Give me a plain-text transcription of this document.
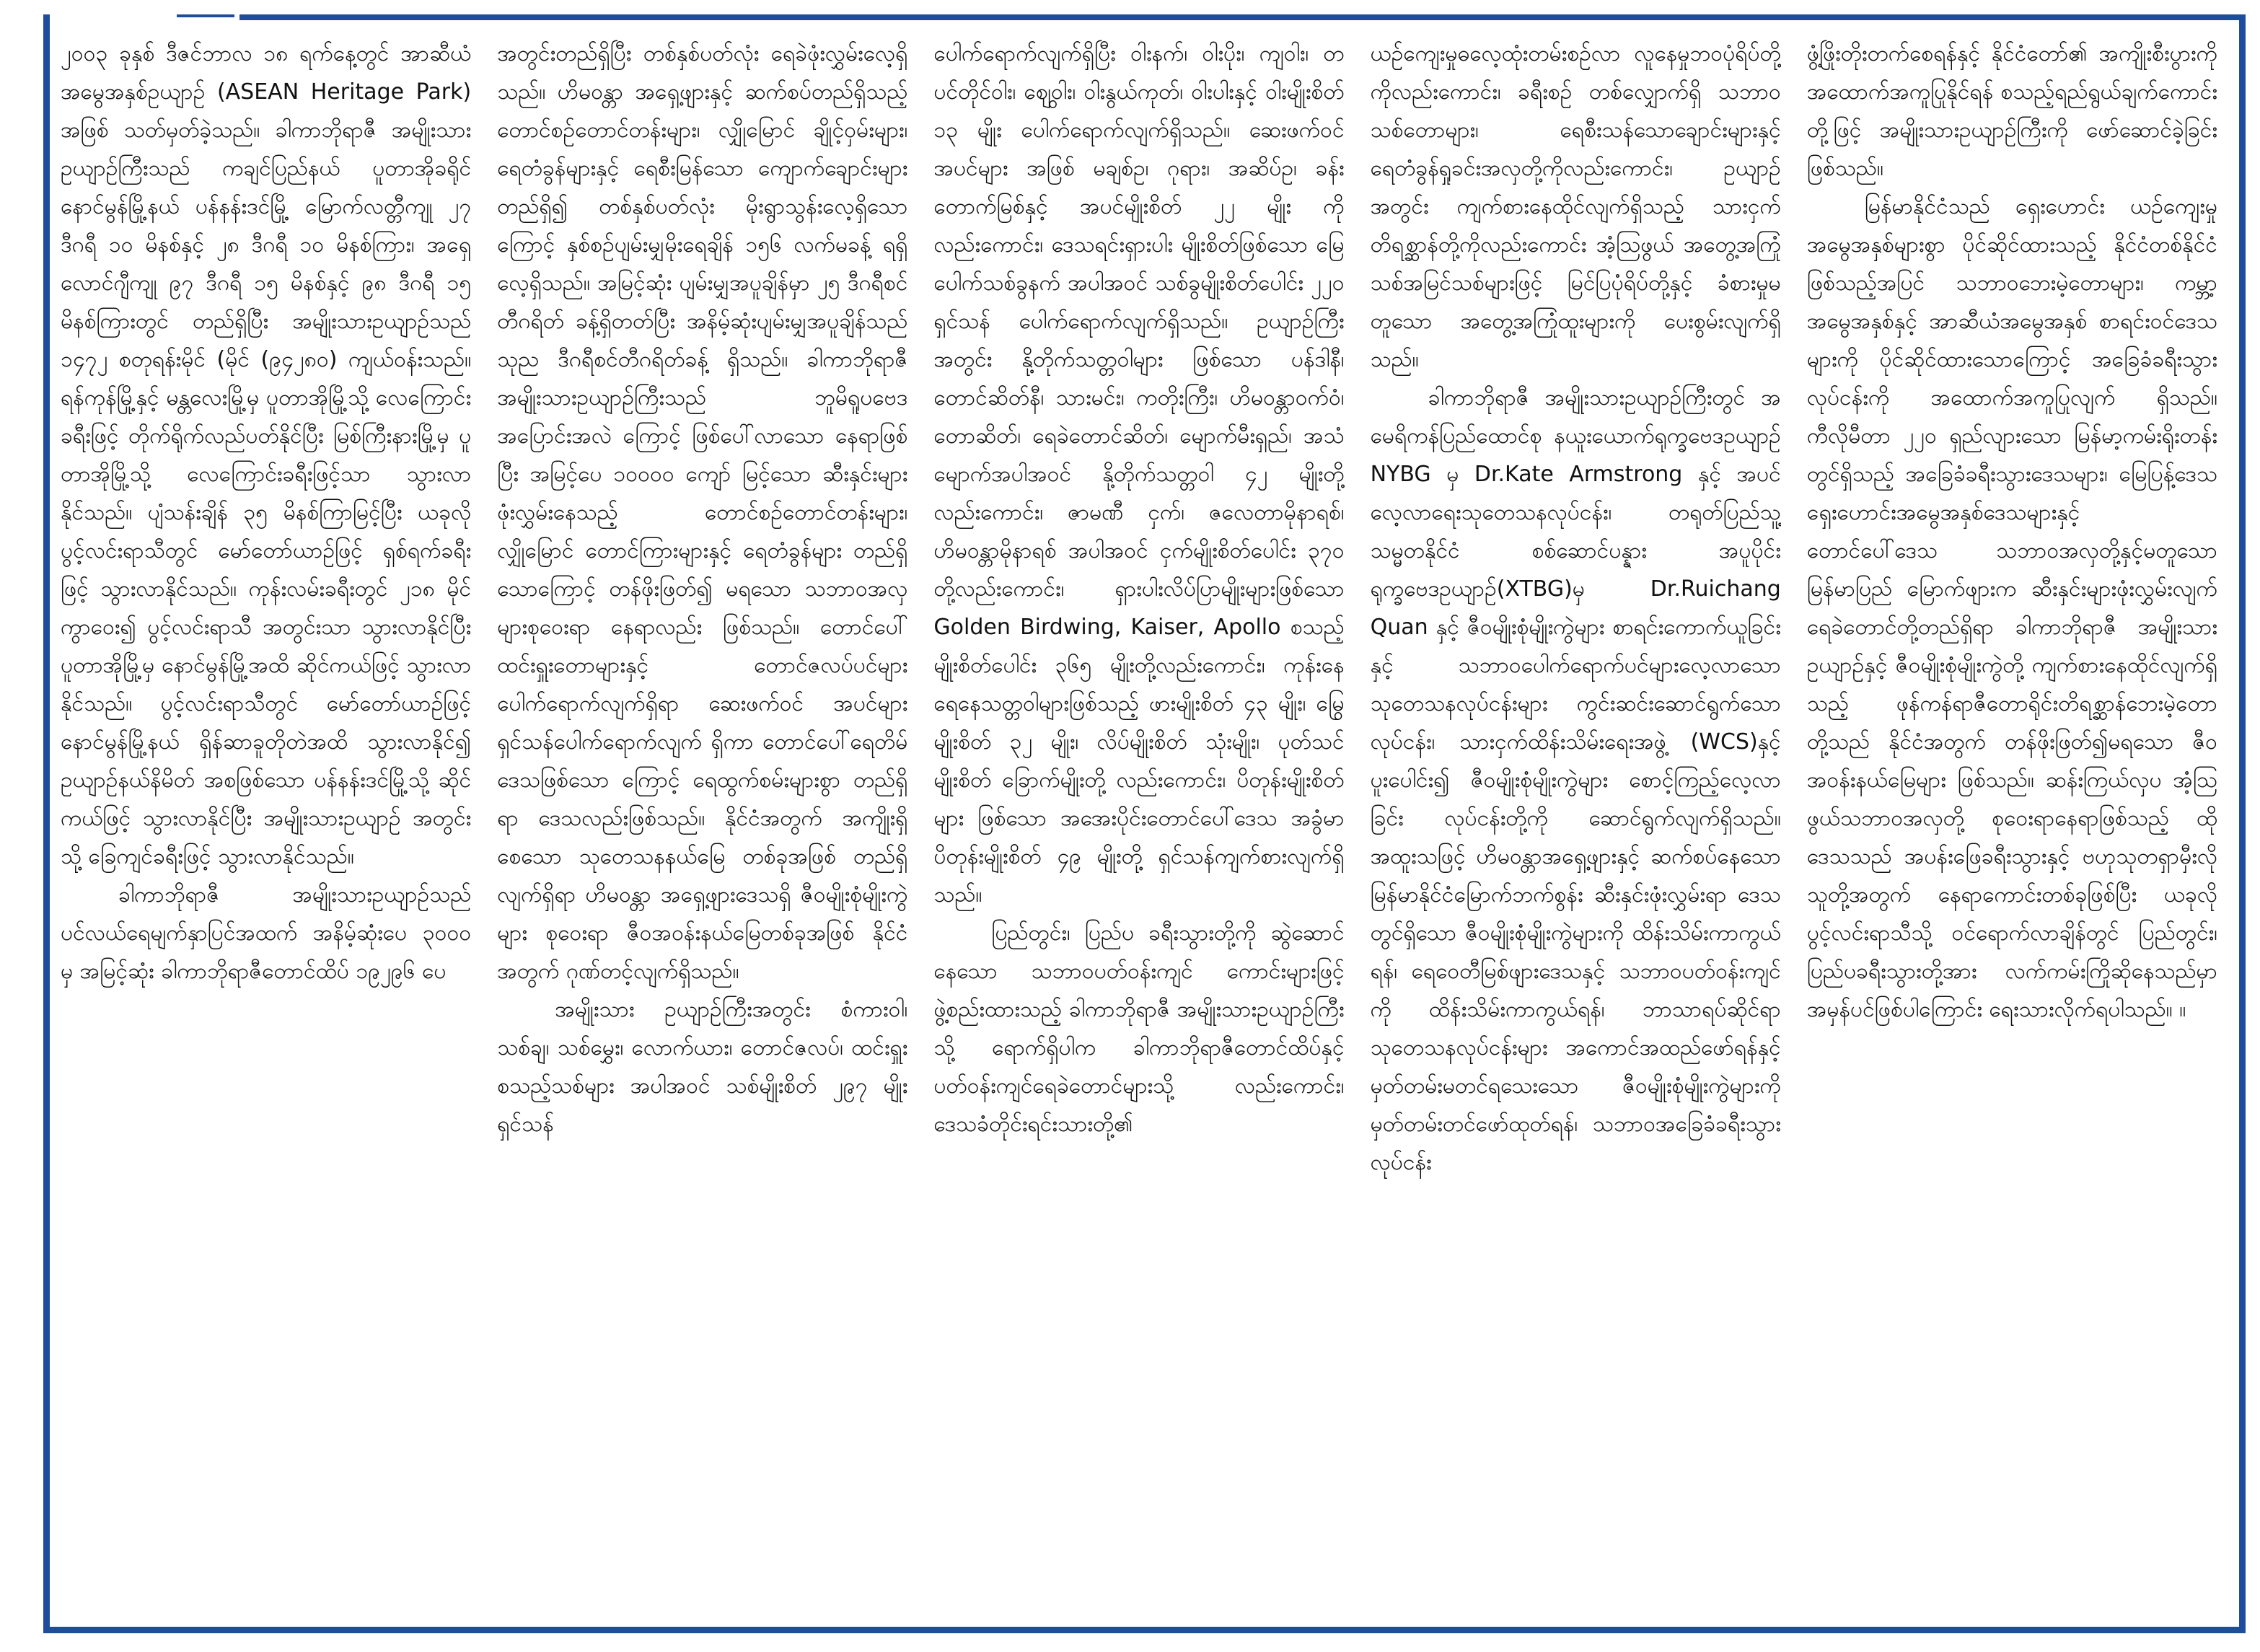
၂၀၀၃ ခုနှစ် ဒီဇင်ဘာလ ၁၈ ရက်နေ့တွင် အာဆီယံအမွေအနှစ်ဥယျာဉ် (ASEAN Heritage Park) အဖြစ် သတ်မှတ်ခဲ့သည်။ ခါကာဘိုရာဇီ အမျိုးသားဥယျာဉ်ကြီးသည် ကချင်ပြည်နယ် ပူတာအိုခရိုင် နောင်မွန်မြို့နယ် ပန်နန်းဒင်မြို့ မြောက်လတ္တီကျု ၂၇ ဒီဂရီ ၁၀ မိနစ်နှင့် ၂၈ ဒီဂရီ ၁၀ မိနစ်ကြား၊ အရှေ့ လောင်ဂျီကျု ၉၇ ဒီဂရီ ၁၅ မိနစ်နှင့် ၉၈ ဒီဂရီ ၁၅ မိနစ်ကြားတွင် တည်ရှိပြီး အမျိုးသားဥယျာဉ်သည် ၁၄၇၂ စတုရန်းမိုင် (မိုင် (၉၄၂၈၀) ကျယ်ဝန်းသည်။ ရန်ကုန်မြို့နှင့် မန္တလေးမြို့မှ ပူတာအိုမြို့သို့ လေကြောင်းခရီးဖြင့် တိုက်ရိုက်လည်ပတ်နိုင်ပြီး မြစ်ကြီးနားမြို့မှ ပူတာအိုမြို့သို့ လေကြောင်းခရီးဖြင့်သာ သွားလာနိုင်သည်။ ပျံသန်းချိန် ၃၅ မိနစ်ကြာမြင့်ပြီး ယခုလိုပွင့်လင်းရာသီတွင် မော်တော်ယာဉ်ဖြင့် ရှစ်ရက်ခရီးဖြင့် သွားလာနိုင်သည်။ ကုန်းလမ်းခရီးတွင် ၂၁၈ မိုင်ကွာဝေး၍ ပွင့်လင်းရာသီ အတွင်းသာ သွားလာနိုင်ပြီး ပူတာအိုမြို့မှ နောင်မွန်မြို့အထိ ဆိုင်ကယ်ဖြင့် သွားလာနိုင်သည်။ ပွင့်လင်းရာသီတွင် မော်တော်ယာဉ်ဖြင့် နောင်မွန်မြို့နယ် ရှိန်ဆာခူတိုတဲအထိ သွားလာနိုင်၍ ဥယျာဉ်နယ်နိမိတ် အစဖြစ်သော ပန်နန်းဒင်မြို့သို့ ဆိုင်ကယ်ဖြင့် သွားလာနိုင်ပြီး အမျိုးသားဥယျာဉ် အတွင်းသို့ ခြေကျင်ခရီးဖြင့် သွားလာနိုင်သည်။

ခါကာဘိုရာဇီ အမျိုးသားဥယျာဉ်သည် ပင်လယ်ရေမျက်နှာပြင်အထက် အနိမ့်ဆုံးပေ ၃၀၀၀ မှ အမြင့်ဆုံး ခါကာဘိုရာဇီတောင်ထိပ် ၁၉၂၉၆ ပေ

အတွင်းတည်ရှိပြီး တစ်နှစ်ပတ်လုံး ရေခဲဖုံးလွှမ်းလေ့ရှိသည်။ ဟိမဝန္တာ အရှေ့ဖျားနှင့် ဆက်စပ်တည်ရှိသည့် တောင်စဉ်တောင်တန်းများ၊ လျှိုမြောင် ချိုင့်ဝှမ်းများ၊ ရေတံခွန်များနှင့် ရေစီးမြန်သော ကျောက်ချောင်းများတည်ရှိ၍ တစ်နှစ်ပတ်လုံး မိုးရွာသွန်းလေ့ရှိသော ကြောင့် နှစ်စဉ်ပျမ်းမျှမိုးရေချိန် ၁၅၆ လက်မခန့် ရရှိလေ့ရှိသည်။ အမြင့်ဆုံး ပျမ်းမျှအပူချိန်မှာ ၂၅ ဒီဂရီစင်တီဂရိတ် ခန့်ရှိတတ်ပြီး အနိမ့်ဆုံးပျမ်းမျှအပူချိန်သည် သုည ဒီဂရီစင်တီဂရိတ်ခန့် ရှိသည်။ ခါကာဘိုရာဇီအမျိုးသားဥယျာဉ်ကြီးသည် ဘူမိရူပဗေဒအပြောင်းအလဲ ကြောင့် ဖြစ်ပေါ်လာသော နေရာဖြစ်ပြီး အမြင့်ပေ ၁၀၀၀၀ ကျော် မြင့်သော ဆီးနှင်းများဖုံးလွှမ်းနေသည့် တောင်စဉ်တောင်တန်းများ၊ လျှိုမြောင် တောင်ကြားများနှင့် ရေတံခွန်များ တည်ရှိသောကြောင့် တန်ဖိုးဖြတ်၍ မရသော သဘာဝအလှများစုဝေးရာ နေရာလည်း ဖြစ်သည်။ တောင်ပေါ် ထင်းရှူးတောများနှင့် တောင်ဇလပ်ပင်များပေါက်ရောက်လျက်ရှိရာ ဆေးဖက်ဝင် အပင်များ ရှင်သန်ပေါက်ရောက်လျက် ရှိကာ တောင်ပေါ်ရေတိမ်ဒေသဖြစ်သော ကြောင့် ရေထွက်စမ်းများစွာ တည်ရှိရာ ဒေသလည်းဖြစ်သည်။ နိုင်ငံအတွက် အကျိုးရှိစေသော သုတေသနနယ်မြေ တစ်ခုအဖြစ် တည်ရှိလျက်ရှိရာ ဟိမဝန္တာ အရှေ့ဖျားဒေသရှိ ဇီဝမျိုးစုံမျိုးကွဲများ စုဝေးရာ ဇီဝအဝန်းနယ်မြေတစ်ခုအဖြစ် နိုင်ငံအတွက် ဂုဏ်တင့်လျက်ရှိသည်။

အမျိုးသား ဥယျာဉ်ကြီးအတွင်း စံကားဝါ၊ သစ်ချ၊ သစ်မွှေး၊ လောက်ယား၊ တောင်ဇလပ်၊ ထင်းရှူး စသည့်သစ်များ အပါအဝင် သစ်မျိုးစိတ် ၂၉၇ မျိုး ရှင်သန်

ပေါက်ရောက်လျက်ရှိပြီး ဝါးနက်၊ ဝါးပိုး၊ ကျဝါး၊ တပင်တိုင်ဝါး၊ ဈွေဝါး၊ ဝါးနွယ်ကုတ်၊ ဝါးပါးနှင့် ဝါးမျိုးစိတ် ၁၃ မျိုး ပေါက်ရောက်လျက်ရှိသည်။ ဆေးဖက်ဝင်အပင်များ အဖြစ် မချစ်ဥ၊ ဂုရား၊ အဆိပ်ဥ၊ ခန်းတောက်မြစ်နှင့် အပင်မျိုးစိတ် ၂၂ မျိုး ကိုလည်းကောင်း၊ ဒေသရင်းရှားပါး မျိုးစိတ်ဖြစ်သော မြေပေါက်သစ်ခွနက် အပါအဝင် သစ်ခွမျိုးစိတ်ပေါင်း ၂၂၀ ရှင်သန် ပေါက်ရောက်လျက်ရှိသည်။ ဥယျာဉ်ကြီးအတွင်း နို့တိုက်သတ္တဝါများ ဖြစ်သော ပန်ဒါနီ၊ တောင်ဆိတ်နီ၊ သားမင်း၊ ကတိုးကြီး၊ ဟိမဝန္တာဝက်ဝံ၊ တောဆိတ်၊ ရေခဲတောင်ဆိတ်၊ မျောက်မီးရှည်၊ အသံမျောက်အပါအဝင် နို့တိုက်သတ္တဝါ ၄၂ မျိုးတို့လည်းကောင်း၊ ဇာမဏီ ငှက်၊ ဇလေတာမိုနာရစ်၊ ဟိမဝန္တာမိုနာရစ် အပါအဝင် ငှက်မျိုးစိတ်ပေါင်း ၃၇၀ တို့လည်းကောင်း၊ ရှားပါးလိပ်ပြာမျိုးများဖြစ်သော Golden Birdwing, Kaiser, Apollo စသည့်မျိုးစိတ်ပေါင်း ၃၆၅ မျိုးတို့လည်းကောင်း၊ ကုန်းနေရေနေသတ္တဝါများဖြစ်သည့် ဖားမျိုးစိတ် ၄၃ မျိုး၊ မြွေမျိုးစိတ် ၃၂ မျိုး၊ လိပ်မျိုးစိတ် သုံးမျိုး၊ ပုတ်သင်မျိုးစိတ် ခြောက်မျိုးတို့ လည်းကောင်း၊ ပိတုန်းမျိုးစိတ်များ ဖြစ်သော အအေးပိုင်းတောင်ပေါ်ဒေသ အခွံမာပိတုန်းမျိုးစိတ် ၄၉ မျိုးတို့ ရှင်သန်ကျက်စားလျက်ရှိသည်။

ပြည်တွင်း၊ ပြည်ပ ခရီးသွားတို့ကို ဆွဲဆောင်နေသော သဘာဝပတ်ဝန်းကျင် ကောင်းများဖြင့် ဖွဲ့စည်းထားသည့် ခါကာဘိုရာဇီ အမျိုးသားဥယျာဉ်ကြီးသို့ ရောက်ရှိပါက ခါကာဘိုရာဇီတောင်ထိပ်နှင့် ပတ်ဝန်းကျင်ရေခဲတောင်များသို့ လည်းကောင်း၊ ဒေသခံတိုင်းရင်းသားတို့၏

ယဉ်ကျေးမှုဓလေ့ထုံးတမ်းစဉ်လာ လူနေမှုဘဝပုံရိပ်တို့ကိုလည်းကောင်း၊ ခရီးစဉ် တစ်လျှောက်ရှိ သဘာဝသစ်တောများ၊ ရေစီးသန်သောချောင်းများနှင့် ရေတံခွန်ရှုခင်းအလှတို့ကိုလည်းကောင်း၊ ဥယျာဉ်အတွင်း ကျက်စားနေထိုင်လျက်ရှိသည့် သားငှက်တိရစ္ဆာန်တို့ကိုလည်းကောင်း အံ့သြဖွယ် အတွေ့အကြုံသစ်အမြင်သစ်များဖြင့် မြင်ပြပုံရိပ်တို့နှင့် ခံစားမှုမတူသော အတွေ့အကြုံထူးများကို ပေးစွမ်းလျက်ရှိသည်။

ခါကာဘိုရာဇီ အမျိုးသားဥယျာဉ်ကြီးတွင် အမေရိကန်ပြည်ထောင်စု နယူးယောက်ရုက္ခဗေဒဥယျာဉ် NYBG မှ Dr.Kate Armstrong နှင့် အပင်လေ့လာရေးသုတေသနလုပ်ငန်း၊ တရုတ်ပြည်သူ့ သမ္မတနိုင်ငံ စစ်ဆောင်ပန္နား အပူပိုင်းရုက္ခဗေဒဥယျာဉ်(XTBG)မှ Dr.Ruichang Quan နှင့် ဇီဝမျိုးစုံမျိုးကွဲများ စာရင်းကောက်ယူခြင်းနှင့် သဘာဝပေါက်ရောက်ပင်များလေ့လာသော သုတေသနလုပ်ငန်းများ ကွင်းဆင်းဆောင်ရွက်သော လုပ်ငန်း၊ သားငှက်ထိန်းသိမ်းရေးအဖွဲ့ (WCS)နှင့် ပူးပေါင်း၍ ဇီဝမျိုးစုံမျိုးကွဲများ စောင့်ကြည့်လေ့လာခြင်း လုပ်ငန်းတို့ကို ဆောင်ရွက်လျက်ရှိသည်။ အထူးသဖြင့် ဟိမဝန္တာအရှေ့ဖျားနှင့် ဆက်စပ်နေသော မြန်မာနိုင်ငံမြောက်ဘက်စွန်း ဆီးနှင်းဖုံးလွှမ်းရာ ဒေသတွင်ရှိသော ဇီဝမျိုးစုံမျိုးကွဲများကို ထိန်းသိမ်းကာကွယ်ရန်၊ ရေဝေတီမြစ်ဖျားဒေသနှင့် သဘာဝပတ်ဝန်းကျင်ကို ထိန်းသိမ်းကာကွယ်ရန်၊ ဘာသာရပ်ဆိုင်ရာ သုတေသနလုပ်ငန်းများ အကောင်အထည်ဖော်ရန်နှင့် မှတ်တမ်းမတင်ရသေးသော ဇီဝမျိုးစုံမျိုးကွဲများကို မှတ်တမ်းတင်ဖော်ထုတ်ရန်၊ သဘာဝအခြေခံခရီးသွားလုပ်ငန်း

ဖွံ့ဖြိုးတိုးတက်စေရန်နှင့် နိုင်ငံတော်၏ အကျိုးစီးပွားကို အထောက်အကူပြုနိုင်ရန် စသည့်ရည်ရွယ်ချက်ကောင်းတို့ဖြင့် အမျိုးသားဥယျာဉ်ကြီးကို ဖော်ဆောင်ခဲ့ခြင်းဖြစ်သည်။

မြန်မာနိုင်ငံသည် ရှေးဟောင်း ယဉ်ကျေးမှုအမွေအနှစ်များစွာ ပိုင်ဆိုင်ထားသည့် နိုင်ငံတစ်နိုင်ငံဖြစ်သည့်အပြင် သဘာဝဘေးမဲ့တောများ၊ ကမ္ဘာ့အမွေအနှစ်နှင့် အာဆီယံအမွေအနှစ် စာရင်းဝင်ဒေသများကို ပိုင်ဆိုင်ထားသောကြောင့် အခြေခံခရီးသွား လုပ်ငန်းကို အထောက်အကူပြုလျက် ရှိသည်။ ကီလိုမီတာ ၂၂၀ ရှည်လျားသော မြန်မာ့ကမ်းရိုးတန်းတွင်ရှိသည့် အခြေခံခရီးသွားဒေသများ၊ မြေပြန့်ဒေသ ရှေးဟောင်းအမွေအနှစ်ဒေသများနှင့် တောင်ပေါ်ဒေသ သဘာဝအလှတို့နှင့်မတူသော မြန်မာပြည် မြောက်ဖျားက ဆီးနှင်းများဖုံးလွှမ်းလျက် ရေခဲတောင်တို့တည်ရှိရာ ခါကာဘိုရာဇီ အမျိုးသားဥယျာဉ်နှင့် ဇီဝမျိုးစုံမျိုးကွဲတို့ ကျက်စားနေထိုင်လျက်ရှိသည့် ဖုန်ကန်ရာဇီတောရိုင်းတိရစ္ဆာန်ဘေးမဲ့တောတို့သည် နိုင်ငံအတွက် တန်ဖိုးဖြတ်၍မရသော ဇီဝအဝန်းနယ်မြေများ ဖြစ်သည်။ ဆန်းကြယ်လှပ အံ့သြဖွယ်သဘာဝအလှတို့ စုဝေးရာနေရာဖြစ်သည့် ထိုဒေသသည် အပန်းဖြေခရီးသွားနှင့် ဗဟုသုတရှာမှီးလိုသူတို့အတွက် နေရာကောင်းတစ်ခုဖြစ်ပြီး ယခုလို ပွင့်လင်းရာသီသို့ ဝင်ရောက်လာချိန်တွင် ပြည်တွင်း၊ ပြည်ပခရီးသွားတို့အား လက်ကမ်းကြိုဆိုနေသည်မှာ အမှန်ပင်ဖြစ်ပါကြောင်း ရေးသားလိုက်ရပါသည်။ ။
